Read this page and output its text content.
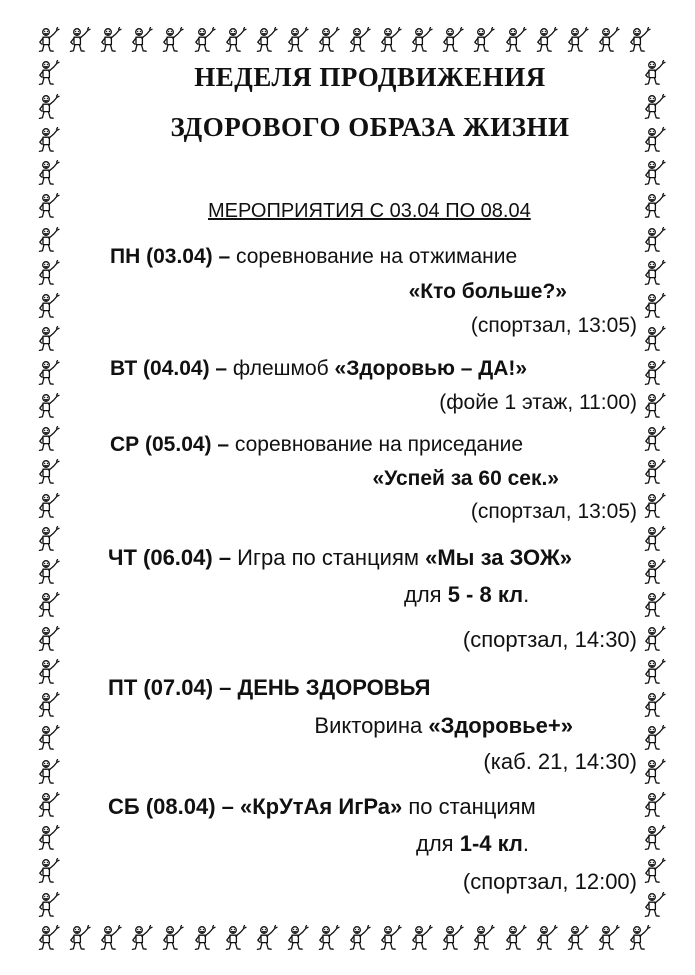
НЕДЕЛЯ ПРОДВИЖЕНИЯ
ЗДОРОВОГО ОБРАЗА ЖИЗНИ
МЕРОПРИЯТИЯ С 03.04 ПО 08.04
ПН (03.04) – соревнование на отжимание
«Кто больше?»
(спортзал, 13:05)
ВТ (04.04) – флешмоб «Здоровью – ДА!»
(фойе 1 этаж, 11:00)
СР (05.04) – соревнование на приседание
«Успей за 60 сек.»
(спортзал, 13:05)
ЧТ (06.04) – Игра по станциям «Мы за ЗОЖ»
для 5 - 8 кл.
(спортзал, 14:30)
ПТ (07.04) – ДЕНЬ ЗДОРОВЬЯ
Викторина «Здоровье+»
(каб. 21, 14:30)
СБ (08.04) – «КрУтАя ИгРа» по станциям
для 1-4 кл.
(спортзал, 12:00)
